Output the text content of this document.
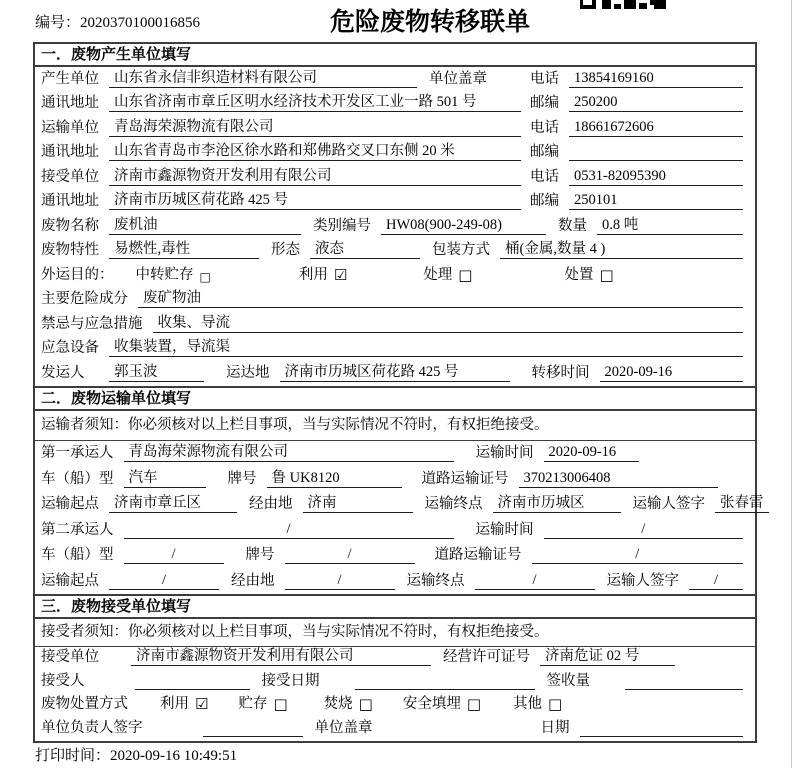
编号：2020370100016856	危险废物转移联单
一．废物产生单位填写
产生单位	山东省永信非织造材料有限公司	单位盖章	电话	13854169160
通讯地址	山东省济南市章丘区明水经济技术开发区工业一路 501 号	邮编	250200
运输单位	青岛海荣源物流有限公司	电话	18661672606
通讯地址	山东省青岛市李沧区徐水路和郑佛路交叉口东侧 20 米	邮编
接受单位	济南市鑫源物资开发利用有限公司	电话	0531-82095390
通讯地址	济南市历城区荷花路 425 号	邮编	250101
废物名称	废机油	类别编号	HW08(900-249-08)	数量	0.8 吨
废物特性	易燃性,毒性	形态	液态	包装方式	桶(金属,数量 4 )
外运目的： 中转贮存 □	利用 ☑	处理 □	处置 □
主要危险成分	废矿物油
禁忌与应急措施	收集、导流
应急设备	收集装置，导流渠
发运人	郭玉波	运达地	济南市历城区荷花路 425 号	转移时间	2020-09-16
二．废物运输单位填写
运输者须知：你必须核对以上栏目事项，当与实际情况不符时，有权拒绝接受。
第一承运人	青岛海荣源物流有限公司	运输时间	2020-09-16
车（船）型	汽车	牌号	鲁 UK8120	道路运输证号	370213006408
运输起点	济南市章丘区	经由地	济南	运输终点	济南市历城区	运输人签字	张春雷
第二承运人	/	运输时间	/
车（船）型	/	牌号	/	道路运输证号	/
运输起点	/	经由地	/	运输终点	/	运输人签字	/
三．废物接受单位填写
接受者须知：你必须核对以上栏目事项，当与实际情况不符时，有权拒绝接受。
接受单位	济南市鑫源物资开发利用有限公司	经营许可证号	济南危证 02 号
接受人	接受日期	签收量
废物处置方式 利用 ☑ 贮存 □ 焚烧 □ 安全填埋 □ 其他 □
单位负责人签字	单位盖章	日期
打印时间：2020-09-16 10:49:51
